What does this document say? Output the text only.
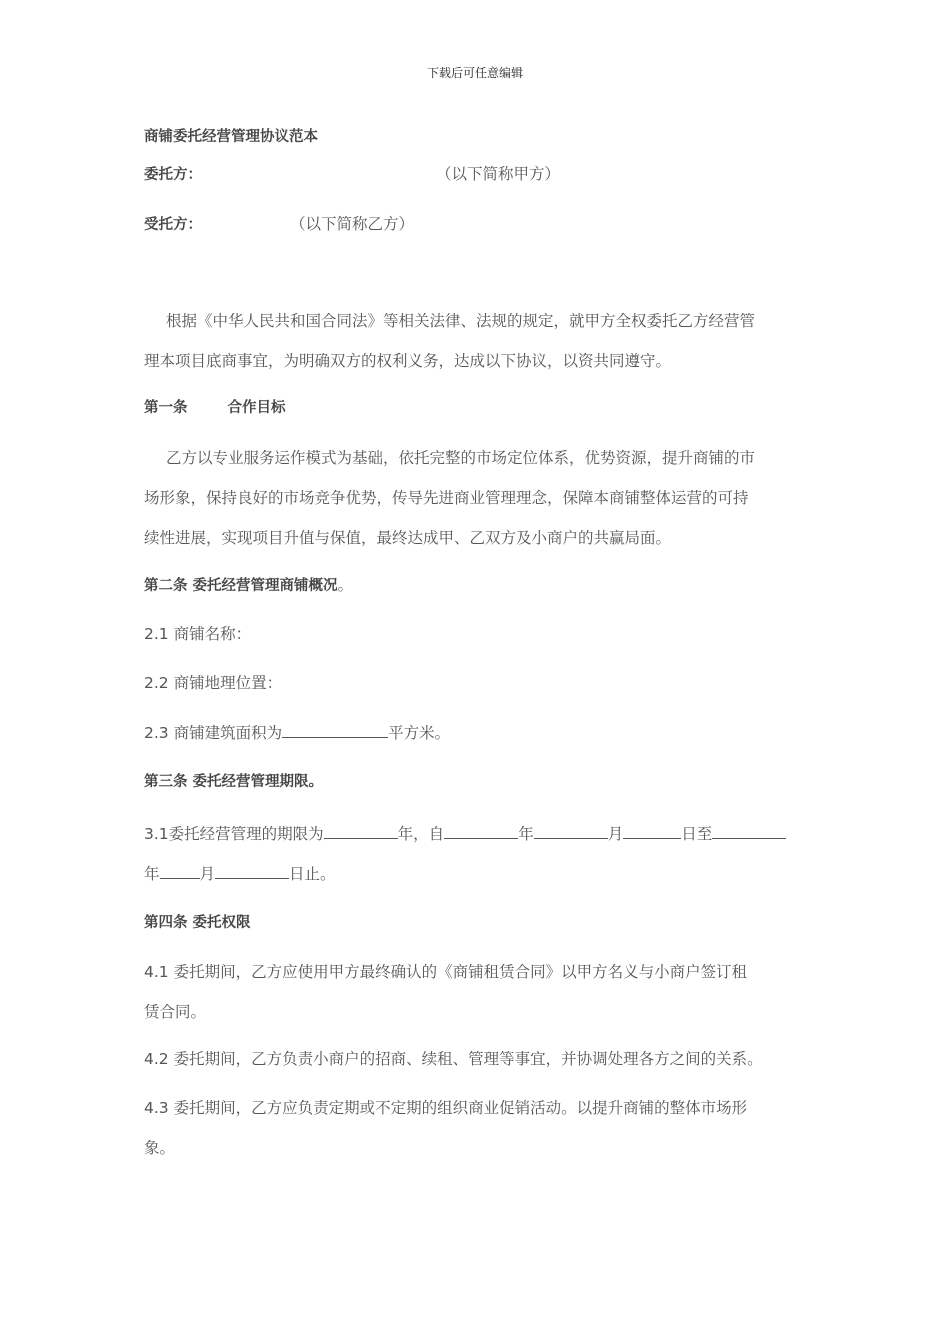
下载后可任意编辑
商铺委托经营管理协议范本
委托方：	（以下简称甲方）
受托方：	（以下简称乙方）
根据《中华人民共和国合同法》等相关法律、法规的规定，就甲方全权委托乙方经营管
理本项目底商事宜，为明确双方的权利义务，达成以下协议，以资共同遵守。
第一条	合作目标
乙方以专业服务运作模式为基础，依托完整的市场定位体系，优势资源，提升商铺的市
场形象，保持良好的市场竞争优势，传导先进商业管理理念，保障本商铺整体运营的可持
续性进展，实现项目升值与保值，最终达成甲、乙双方及小商户的共赢局面。
第二条 委托经营管理商铺概况。
2.1 商铺名称：
2.2 商铺地理位置：
2.3 商铺建筑面积为	平方米。
第三条 委托经营管理期限。
3.1委托经营管理的期限为	年，自	年	月	日至
年	月	日止。
第四条 委托权限
4.1 委托期间，乙方应使用甲方最终确认的《商铺租赁合同》以甲方名义与小商户签订租
赁合同。
4.2 委托期间，乙方负责小商户的招商、续租、管理等事宜，并协调处理各方之间的关系。
4.3 委托期间，乙方应负责定期或不定期的组织商业促销活动。以提升商铺的整体市场形
象。
